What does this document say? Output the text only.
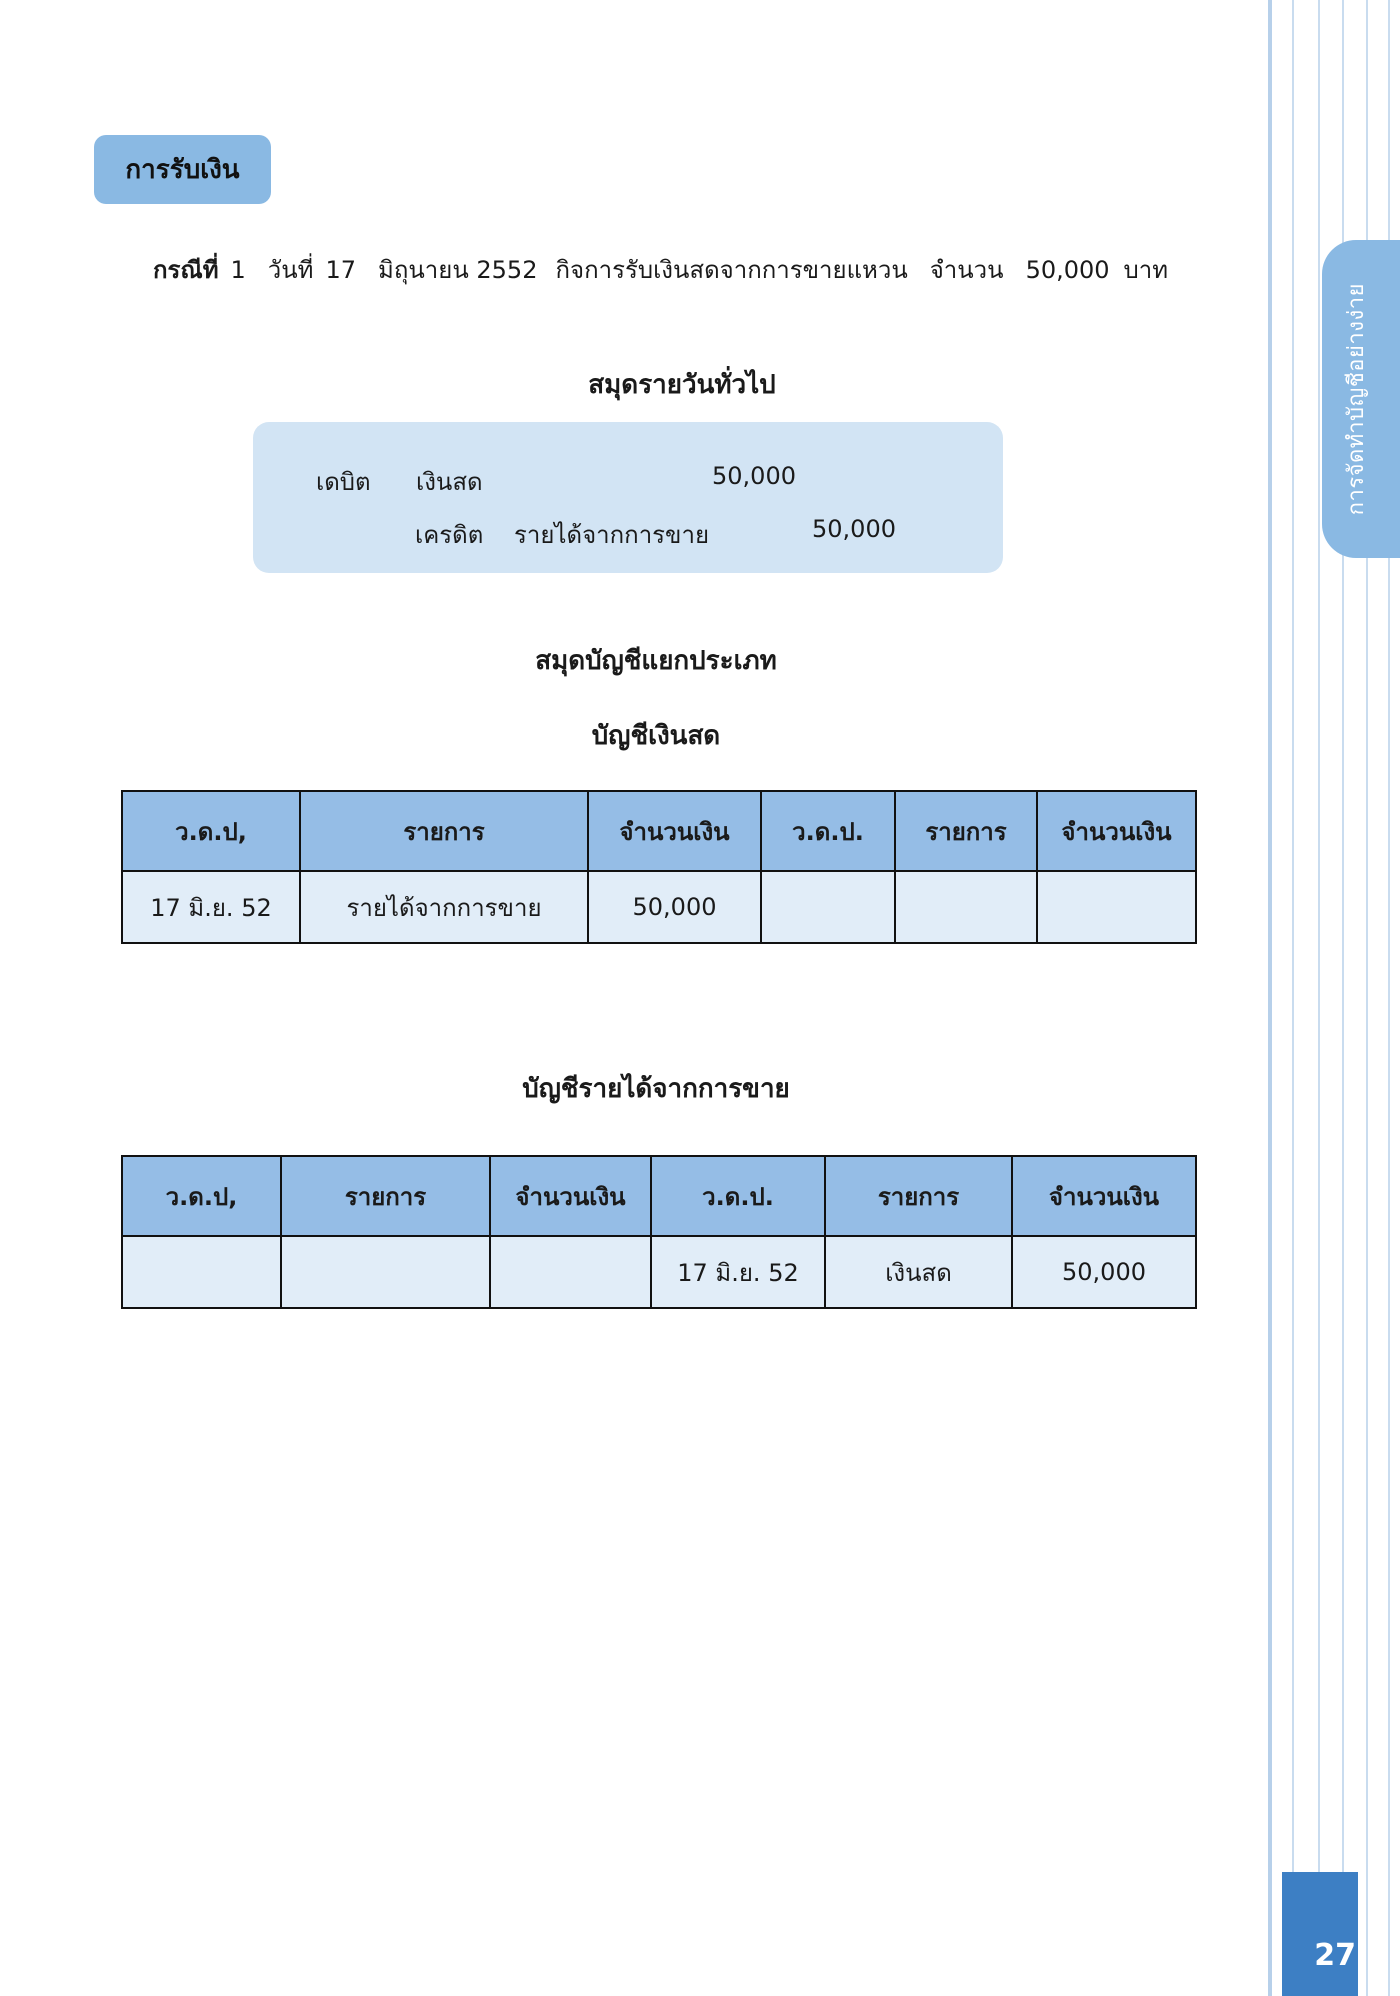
การจัดทำบัญชีอย่างง่าย
27
การรับเงิน
กรณีที่ 1 วันที่ 17 มิถุนายน 2552 กิจการรับเงินสดจากการขายแหวน จำนวน 50,000 บาท
สมุดรายวันทั่วไป
เดบิต เงินสด	50,000
เครดิต รายได้จากการขาย	50,000
สมุดบัญชีแยกประเภท
บัญชีเงินสด
ว.ด.ป,	รายการ	จำนวนเงิน	ว.ด.ป.	รายการ	จำนวนเงิน
17 มิ.ย. 52	รายได้จากการขาย	50,000			
บัญชีรายได้จากการขาย
ว.ด.ป,	รายการ	จำนวนเงิน	ว.ด.ป.	รายการ	จำนวนเงิน
			17 มิ.ย. 52	เงินสด	50,000
